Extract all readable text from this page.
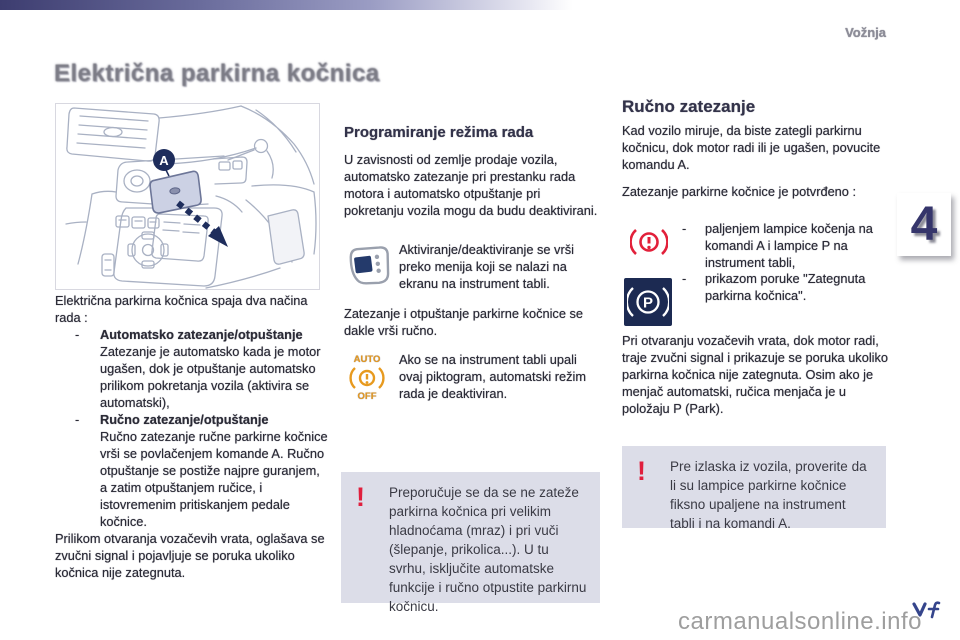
Vožnja
Električna parkirna kočnica
A

Električna parkirna kočnica spaja dva načina rada :

- Automatsko zatezanje/otpuštanje
Zatezanje je automatsko kada je motor ugašen, dok je otpuštanje automatsko prilikom pokretanja vozila (aktivira se automatski),
- Ručno zatezanje/otpuštanje
Ručno zatezanje ručne parkirne kočnice vrši se povlačenjem komande A. Ručno otpuštanje se postiže najpre guranjem, a zatim otpuštanjem ručice, i istovremenim pritiskanjem pedale kočnice.

Prilikom otvaranja vozačevih vrata, oglašava se zvučni signal i pojavljuje se poruka ukoliko kočnica nije zategnuta.

Programiranje režima rada

U zavisnosti od zemlje prodaje vozila, automatsko zatezanje pri prestanku rada motora i automatsko otpuštanje pri pokretanju vozila mogu da budu deaktivirani.

Aktiviranje/deaktiviranje se vrši preko menija koji se nalazi na ekranu na instrument tabli.

Zatezanje i otpuštanje parkirne kočnice se dakle vrši ručno.

AUTO
OFF
Ako se na instrument tabli upali ovaj piktogram, automatski režim rada je deaktiviran.
Ručno zatezanje

Kad vozilo miruje, da biste zategli parkirnu kočnicu, dok motor radi ili je ugašen, povucite komandu A.

Zatezanje parkirne kočnice je potvrđeno :

-	paljenjem lampice kočenja na komandi A i lampice P na instrument tabli,
P
-	prikazom poruke "Zategnuta parkirna kočnica".

Pri otvaranju vozačevih vrata, dok motor radi, traje zvučni signal i prikazuje se poruka ukoliko parkirna kočnica nije zategnuta. Osim ako je menjač automatski, ručica menjača je u položaju P (Park).

! Preporučuje se da se ne zateže parkirna kočnica pri velikim hladnoćama (mraz) i pri vuči (šlepanje, prikolica...). U tu svrhu, isključite automatske funkcije i ručno otpustite parkirnu kočnicu.
! Pre izlaska iz vozila, proverite da li su lampice parkirne kočnice fiksno upaljene na instrument tabli i na komandi A.
4
carmanualsonline.info
